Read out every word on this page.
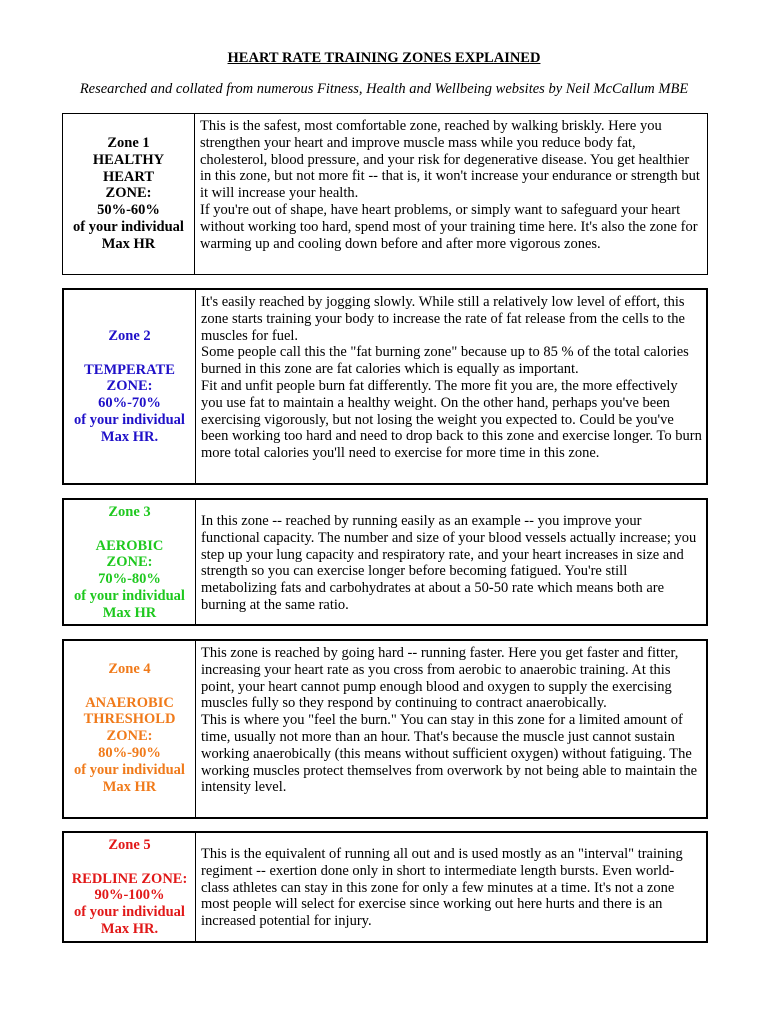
HEART RATE TRAINING ZONES EXPLAINED
Researched and collated from numerous Fitness, Health and Wellbeing websites by Neil McCallum MBE
Zone 1
HEALTHY
HEART
ZONE:
50%-60%
of your individual
Max HR

This is the safest, most comfortable zone, reached by walking briskly. Here you strengthen your heart and improve muscle mass while you reduce body fat, cholesterol, blood pressure, and your risk for degenerative disease. You get healthier in this zone, but not more fit -- that is, it won't increase your endurance or strength but it will increase your health.

If you're out of shape, have heart problems, or simply want to safeguard your heart without working too hard, spend most of your training time here. It's also the zone for warming up and cooling down before and after more vigorous zones.

Zone 2
TEMPERATE
ZONE:
60%-70%
of your individual
Max HR.

It's easily reached by jogging slowly. While still a relatively low level of effort, this zone starts training your body to increase the rate of fat release from the cells to the muscles for fuel.

Some people call this the "fat burning zone" because up to 85 % of the total calories burned in this zone are fat calories which is equally as important.

Fit and unfit people burn fat differently. The more fit you are, the more effectively you use fat to maintain a healthy weight. On the other hand, perhaps you've been exercising vigorously, but not losing the weight you expected to. Could be you've been working too hard and need to drop back to this zone and exercise longer. To burn more total calories you'll need to exercise for more time in this zone.

Zone 3
AEROBIC
ZONE:
70%-80%
of your individual
Max HR

In this zone -- reached by running easily as an example -- you improve your functional capacity. The number and size of your blood vessels actually increase; you step up your lung capacity and respiratory rate, and your heart increases in size and strength so you can exercise longer before becoming fatigued. You're still metabolizing fats and carbohydrates at about a 50-50 rate which means both are burning at the same ratio.

Zone 4
ANAEROBIC
THRESHOLD
ZONE:
80%-90%
of your individual
Max HR

This zone is reached by going hard -- running faster. Here you get faster and fitter, increasing your heart rate as you cross from aerobic to anaerobic training. At this point, your heart cannot pump enough blood and oxygen to supply the exercising muscles fully so they respond by continuing to contract anaerobically.

This is where you "feel the burn." You can stay in this zone for a limited amount of time, usually not more than an hour. That's because the muscle just cannot sustain working anaerobically (this means without sufficient oxygen) without fatiguing. The working muscles protect themselves from overwork by not being able to maintain the intensity level.

Zone 5
REDLINE ZONE:
90%-100%
of your individual
Max HR.

This is the equivalent of running all out and is used mostly as an "interval" training regiment -- exertion done only in short to intermediate length bursts. Even world-class athletes can stay in this zone for only a few minutes at a time. It's not a zone most people will select for exercise since working out here hurts and there is an increased potential for injury.
